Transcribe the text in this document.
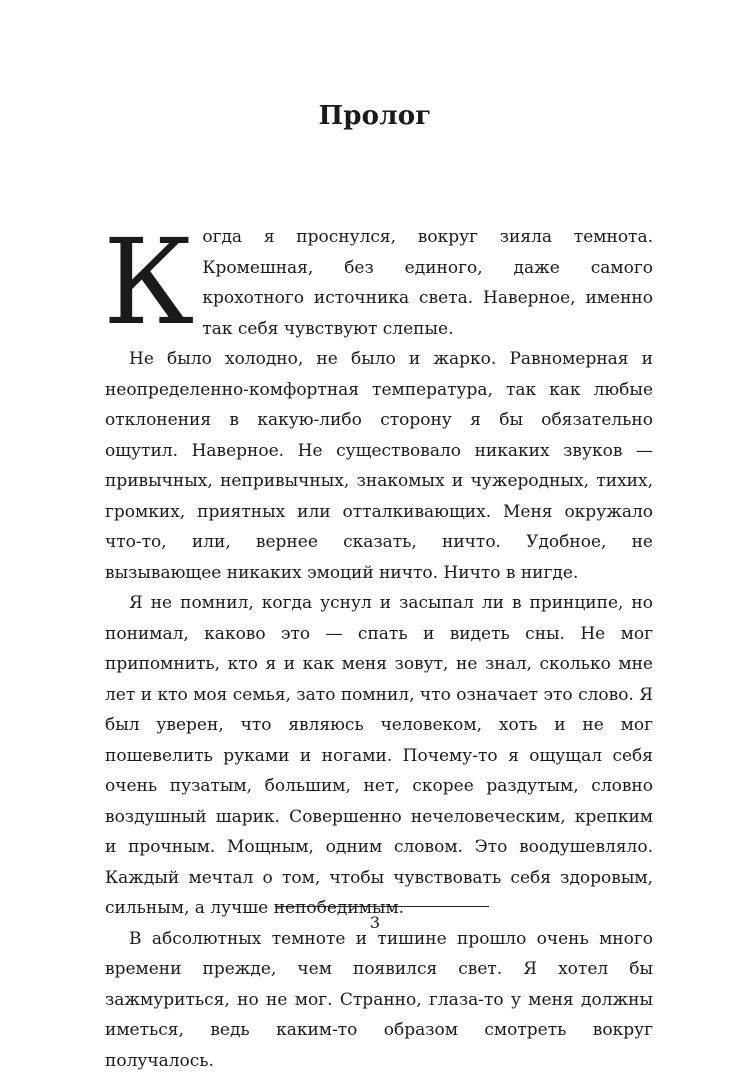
Пролог

Когда я проснулся, вокруг зияла темнота. Кромешная, без единого, даже самого крохотного источника света. Наверное, именно так себя чувствуют слепые.

Не было холодно, не было и жарко. Равномерная и неопределенно-комфортная температура, так как любые отклонения в какую-либо сторону я бы обязательно ощутил. Наверное. Не существовало никаких звуков — привычных, непривычных, знакомых и чужеродных, тихих, громких, приятных или отталкивающих. Меня окружало что-то, или, вернее сказать, ничто. Удобное, не вызывающее никаких эмоций ничто. Ничто в нигде.

Я не помнил, когда уснул и засыпал ли в принципе, но понимал, каково это — спать и видеть сны. Не мог припомнить, кто я и как меня зовут, не знал, сколько мне лет и кто моя семья, зато помнил, что означает это слово. Я был уверен, что являюсь человеком, хоть и не мог пошевелить руками и ногами. Почему-то я ощущал себя очень пузатым, большим, нет, скорее раздутым, словно воздушный шарик. Совершенно нечеловеческим, крепким и прочным. Мощным, одним словом. Это воодушевляло. Каждый мечтал о том, чтобы чувствовать себя здоровым, сильным, а лучше непобедимым.

В абсолютных темноте и тишине прошло очень много времени прежде, чем появился свет. Я хотел бы зажмуриться, но не мог. Странно, глаза-то у меня должны иметься, ведь каким-то образом смотреть вокруг получалось.

3
